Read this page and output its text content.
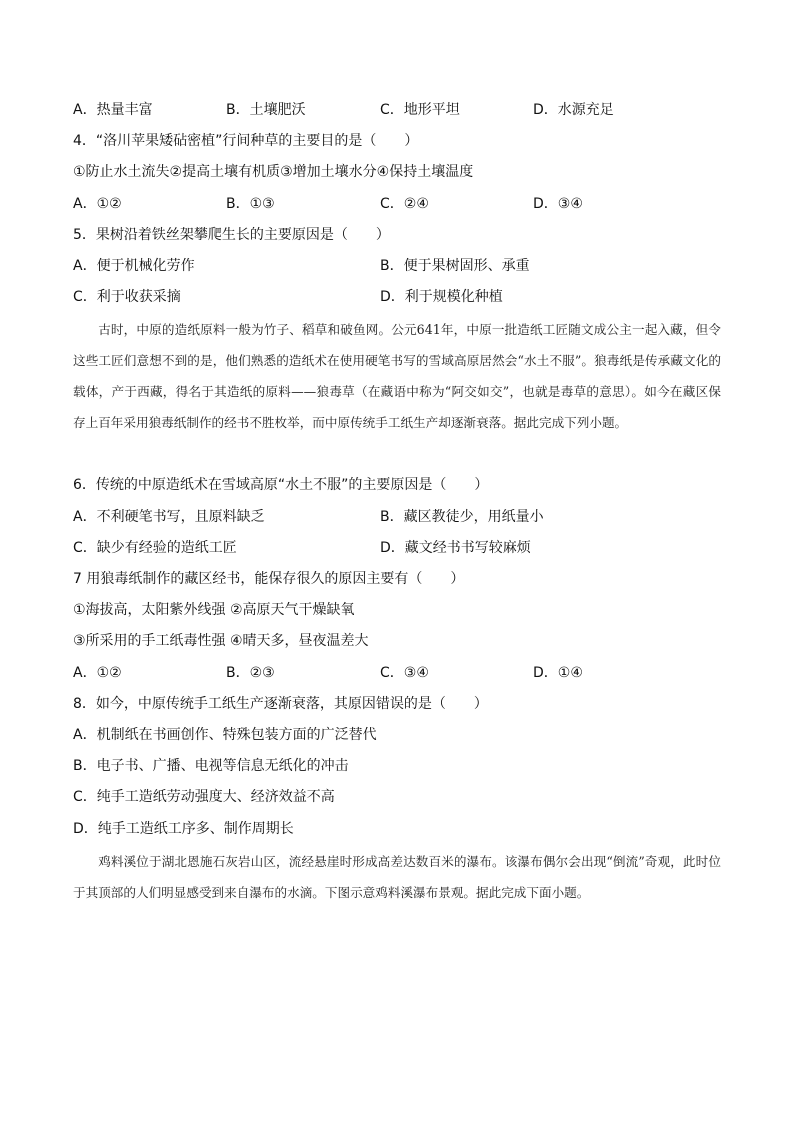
A．热量丰富	B．土壤肥沃	C．地形平坦	D．水源充足
4．“洛川苹果矮砧密植”行间种草的主要目的是（　　）
①防止水土流失②提高土壤有机质③增加土壤水分④保持土壤温度
A．①②	B．①③	C．②④	D．③④
5．果树沿着铁丝架攀爬生长的主要原因是（　　）
A．便于机械化劳作	B．便于果树固形、承重
C．利于收获采摘	D．利于规模化种植
古时，中原的造纸原料一般为竹子、稻草和破鱼网。公元641年，中原一批造纸工匠随文成公主一起入藏，但令这些工匠们意想不到的是，他们熟悉的造纸术在使用硬笔书写的雪域高原居然会“水土不服”。狼毒纸是传承藏文化的载体，产于西藏，得名于其造纸的原料——狼毒草（在藏语中称为“阿交如交”，也就是毒草的意思）。如今在藏区保存上百年采用狼毒纸制作的经书不胜枚举，而中原传统手工纸生产却逐渐衰落。据此完成下列小题。
6．传统的中原造纸术在雪域高原“水土不服”的主要原因是（　　）
A．不利硬笔书写，且原料缺乏	B．藏区教徒少，用纸量小
C．缺少有经验的造纸工匠	D．藏文经书书写较麻烦
7 用狼毒纸制作的藏区经书，能保存很久的原因主要有（　　）
①海拔高，太阳紫外线强 ②高原天气干燥缺氧
③所采用的手工纸毒性强 ④晴天多，昼夜温差大
A．①②	B．②③	C．③④	D．①④
8．如今，中原传统手工纸生产逐渐衰落，其原因错误的是（　　）
A．机制纸在书画创作、特殊包装方面的广泛替代
B．电子书、广播、电视等信息无纸化的冲击
C．纯手工造纸劳动强度大、经济效益不高
D．纯手工造纸工序多、制作周期长
鸡料溪位于湖北恩施石灰岩山区，流经悬崖时形成高差达数百米的瀑布。该瀑布偶尔会出现“倒流”奇观，此时位于其顶部的人们明显感受到来自瀑布的水滴。下图示意鸡料溪瀑布景观。据此完成下面小题。
